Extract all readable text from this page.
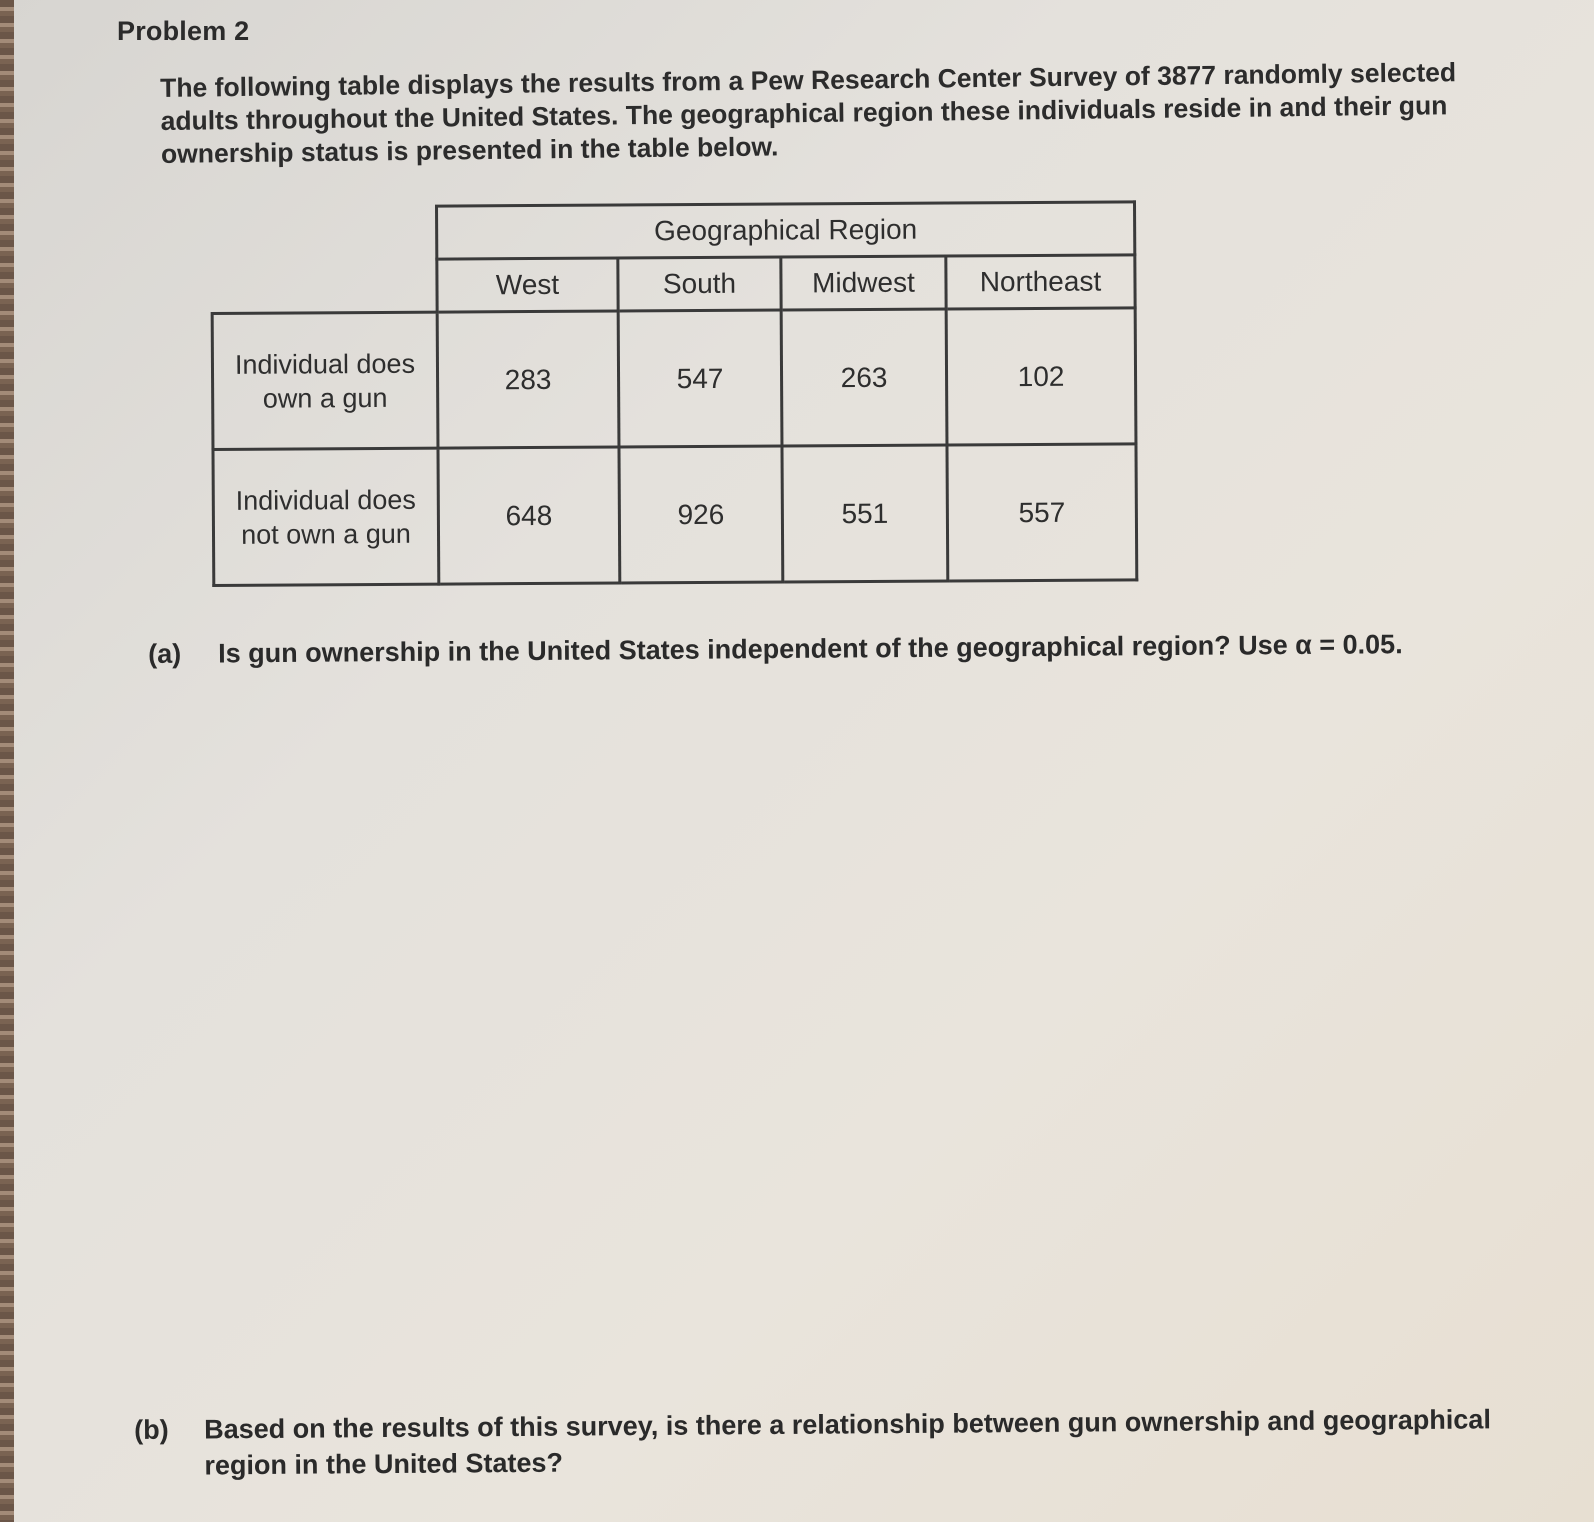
Problem 2
The following table displays the results from a Pew Research Center Survey of 3877 randomly selected adults throughout the United States. The geographical region these individuals reside in and their gun ownership status is presented in the table below.
	Geographical Region			
	West	South	Midwest	Northeast
Individual does own a gun	283	547	263	102
Individual does not own a gun	648	926	551	557
(a) Is gun ownership in the United States independent of the geographical region? Use α = 0.05.
(b) Based on the results of this survey, is there a relationship between gun ownership and geographical region in the United States?
